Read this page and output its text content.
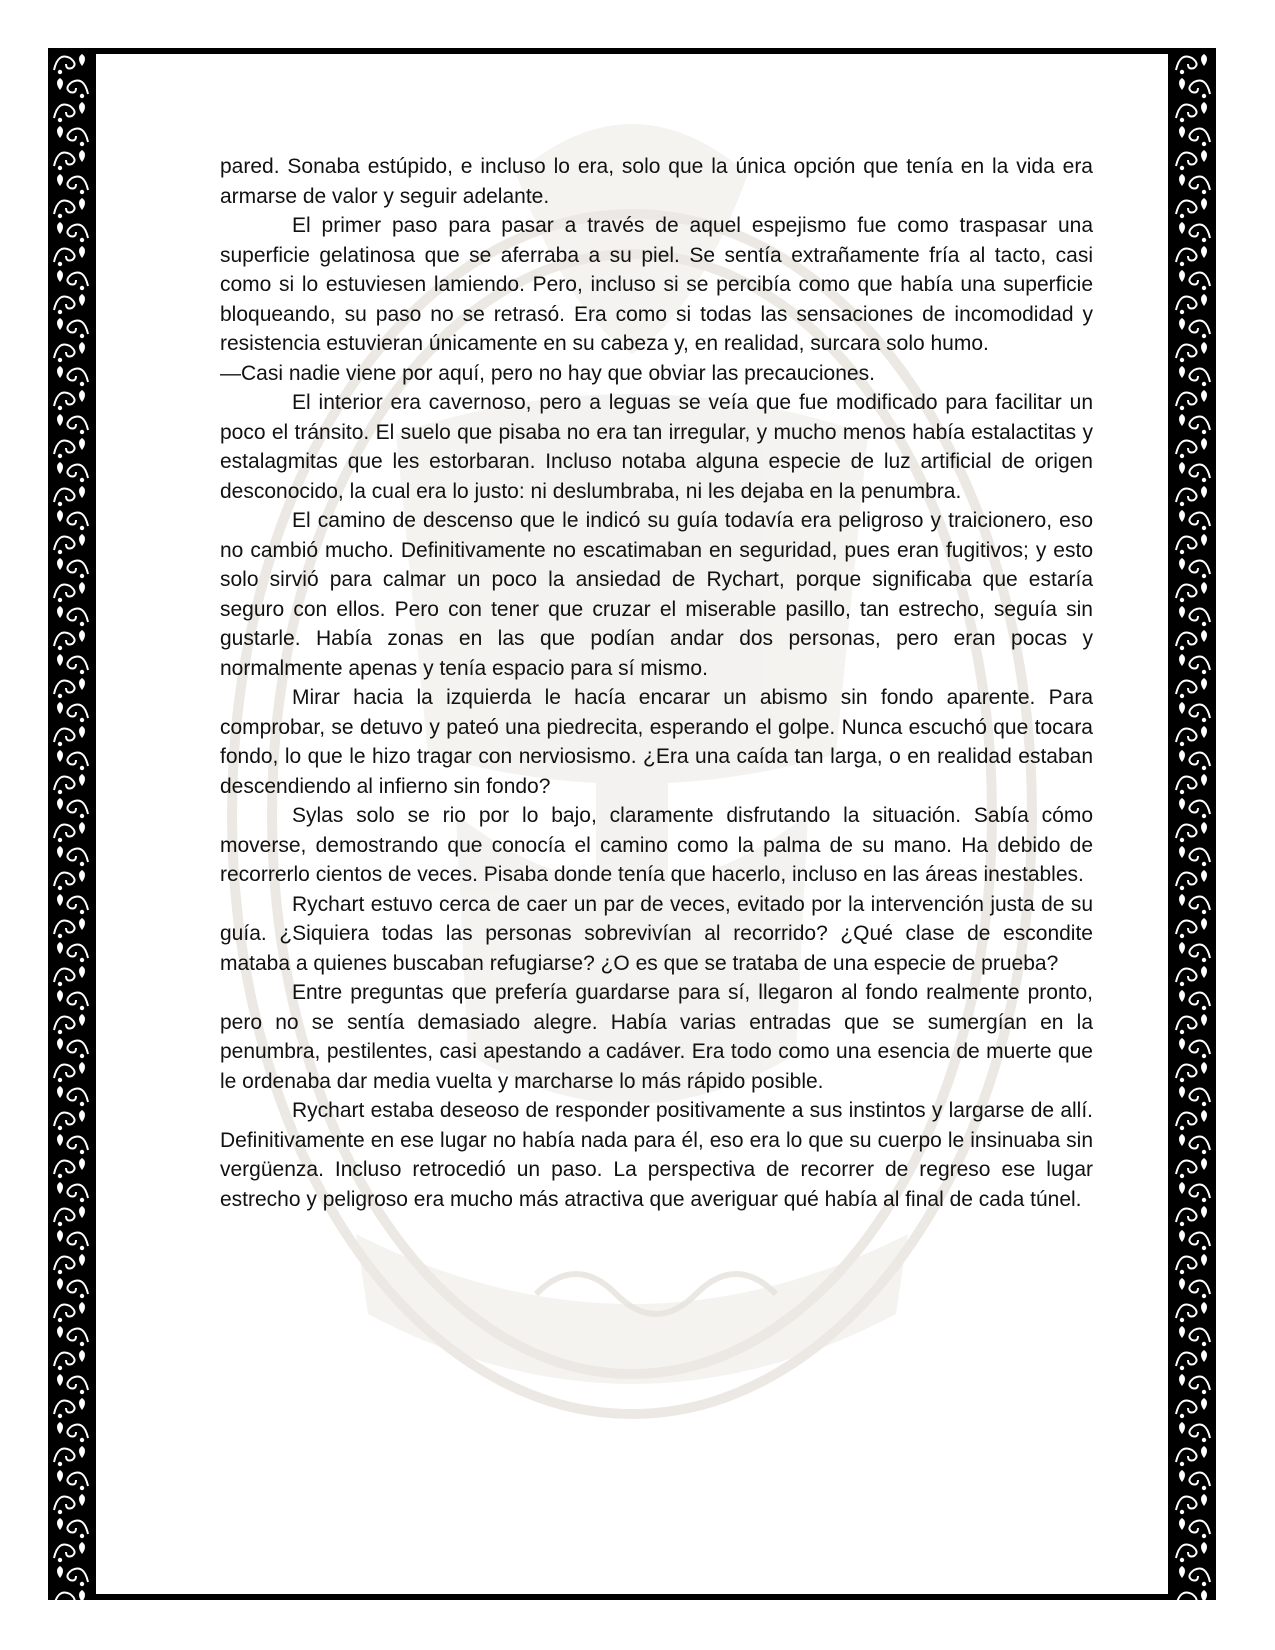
pared. Sonaba estúpido, e incluso lo era, solo que la única opción que tenía en la vida era armarse de valor y seguir adelante.

El primer paso para pasar a través de aquel espejismo fue como traspasar una superficie gelatinosa que se aferraba a su piel. Se sentía extrañamente fría al tacto, casi como si lo estuviesen lamiendo. Pero, incluso si se percibía como que había una superficie bloqueando, su paso no se retrasó. Era como si todas las sensaciones de incomodidad y resistencia estuvieran únicamente en su cabeza y, en realidad, surcara solo humo.

—Casi nadie viene por aquí, pero no hay que obviar las precauciones.

El interior era cavernoso, pero a leguas se veía que fue modificado para facilitar un poco el tránsito. El suelo que pisaba no era tan irregular, y mucho menos había estalactitas y estalagmitas que les estorbaran. Incluso notaba alguna especie de luz artificial de origen desconocido, la cual era lo justo: ni deslumbraba, ni les dejaba en la penumbra.

El camino de descenso que le indicó su guía todavía era peligroso y traicionero, eso no cambió mucho. Definitivamente no escatimaban en seguridad, pues eran fugitivos; y esto solo sirvió para calmar un poco la ansiedad de Rychart, porque significaba que estaría seguro con ellos. Pero con tener que cruzar el miserable pasillo, tan estrecho, seguía sin gustarle. Había zonas en las que podían andar dos personas, pero eran pocas y normalmente apenas y tenía espacio para sí mismo.

Mirar hacia la izquierda le hacía encarar un abismo sin fondo aparente. Para comprobar, se detuvo y pateó una piedrecita, esperando el golpe. Nunca escuchó que tocara fondo, lo que le hizo tragar con nerviosismo. ¿Era una caída tan larga, o en realidad estaban descendiendo al infierno sin fondo?

Sylas solo se rio por lo bajo, claramente disfrutando la situación. Sabía cómo moverse, demostrando que conocía el camino como la palma de su mano. Ha debido de recorrerlo cientos de veces. Pisaba donde tenía que hacerlo, incluso en las áreas inestables.

Rychart estuvo cerca de caer un par de veces, evitado por la intervención justa de su guía. ¿Siquiera todas las personas sobrevivían al recorrido? ¿Qué clase de escondite mataba a quienes buscaban refugiarse? ¿O es que se trataba de una especie de prueba?

Entre preguntas que prefería guardarse para sí, llegaron al fondo realmente pronto, pero no se sentía demasiado alegre. Había varias entradas que se sumergían en la penumbra, pestilentes, casi apestando a cadáver. Era todo como una esencia de muerte que le ordenaba dar media vuelta y marcharse lo más rápido posible.

Rychart estaba deseoso de responder positivamente a sus instintos y largarse de allí. Definitivamente en ese lugar no había nada para él, eso era lo que su cuerpo le insinuaba sin vergüenza. Incluso retrocedió un paso. La perspectiva de recorrer de regreso ese lugar estrecho y peligroso era mucho más atractiva que averiguar qué había al final de cada túnel.
